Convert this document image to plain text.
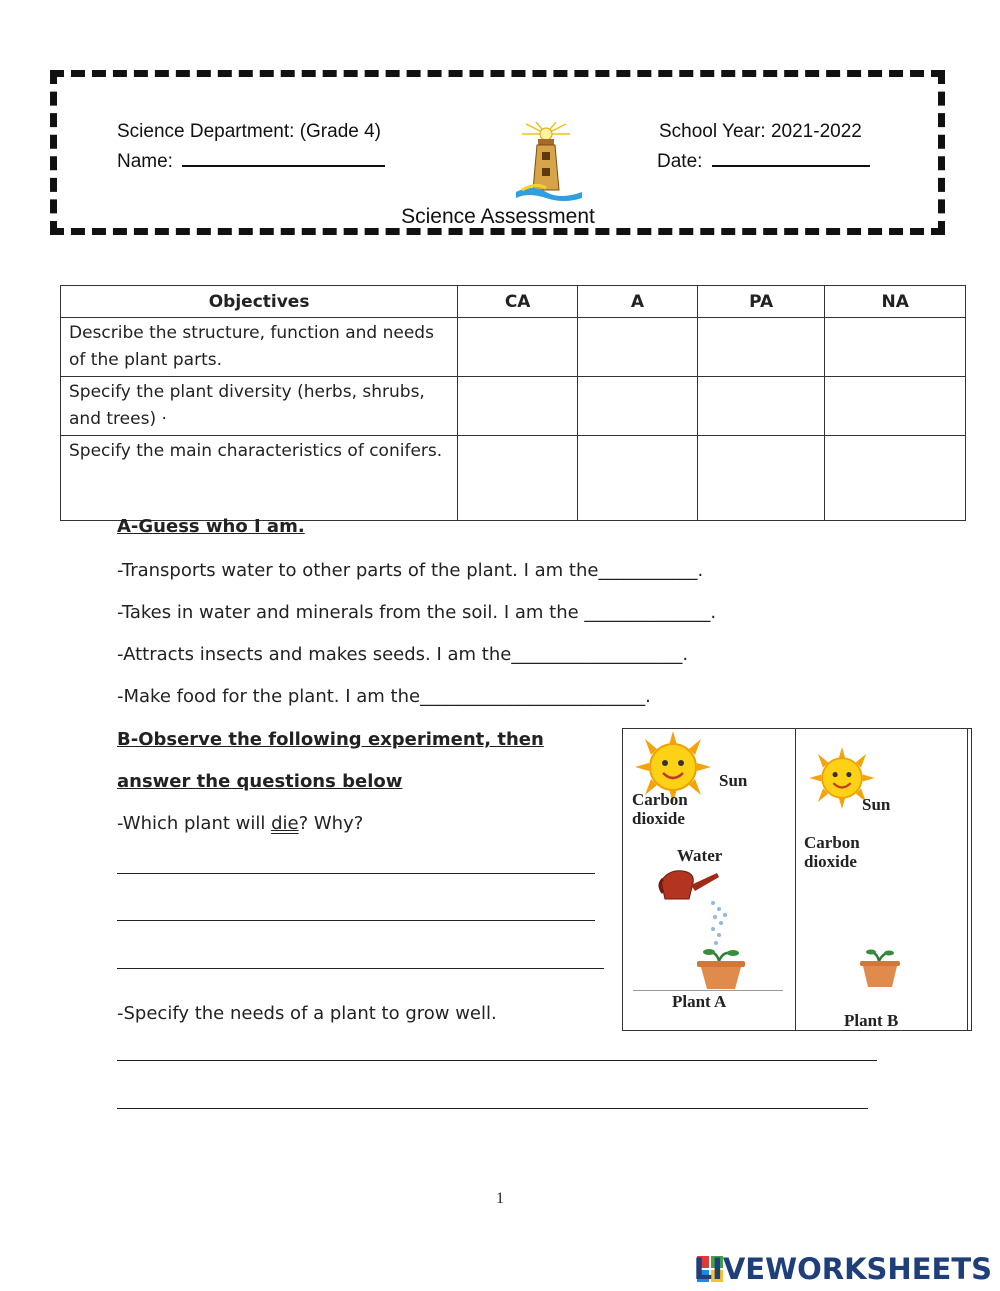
Science Department: (Grade 4)
Name:
School Year: 2021-2022
Date:
Science Assessment
Objectives	CA	A	PA	NA
Describe the structure, function and needs of the plant parts.				
Specify the plant diversity (herbs, shrubs, and trees) ·				
Specify the main characteristics of conifers.				
A-Guess who I am.
-Transports water to other parts of the plant. I am the___________.
-Takes in water and minerals from the soil. I am the ______________.
-Attracts insects and makes seeds. I am the___________________.
-Make food for the plant. I am the_________________________.
B-Observe the following experiment, then
answer the questions below
-Which plant will die? Why?
-Specify the needs of a plant to grow well.
Sun
Carbon
dioxide
Water
Plant A
Sun
Carbon
dioxide
Plant B
1
LIVEWORKSHEETS
